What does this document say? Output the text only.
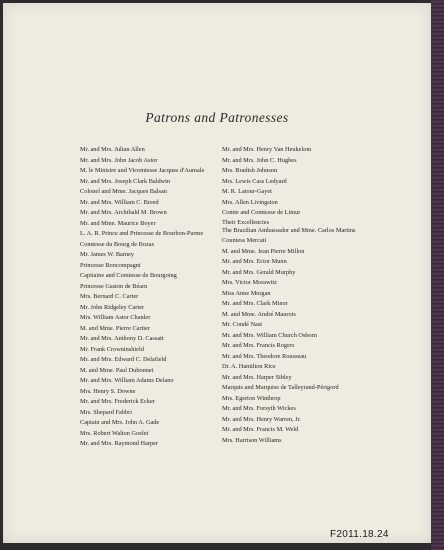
Patrons and Patronesses
Mr. and Mrs. Julian Allen
Mr. and Mrs. John Jacob Astor
M. le Ministre and Vicomtesse Jacques d'Aumale
Mr. and Mrs. Joseph Clark Baldwin
Colonel and Mme. Jacques Balsan
Mr. and Mrs. William C. Breed
Mr. and Mrs. Archibald M. Brown
Mr. and Mme. Maurice Boyer
L. A. R. Prince and Princesse de Bourbon-Parme
Comtesse du Bourg de Bozas
Mr. James W. Barney
Princesse Boncompagni
Capitaine and Comtesse de Bourgoing
Princesse Gaston de Béarn
Mrs. Bernard C. Carter
Mr. John Ridgeley Carter
Mrs. William Astor Chanler
M. and Mme. Pierre Cartier
Mr. and Mrs. Anthony D. Cassatt
Mr. Frank Crowninshield
Mr. and Mrs. Edward C. Delafield
M. and Mme. Paul Dubonnet
Mr. and Mrs. William Adams Delano
Mrs. Henry S. Downe
Mr. and Mrs. Frederick Ecker
Mrs. Shepard Fabbri
Captain and Mrs. John A. Gade
Mrs. Robert Walton Goelet
Mr. and Mrs. Raymond Harper
Mr. and Mrs. Henry Van Heukelom
Mr. and Mrs. John C. Hughes
Mrs. Bradish Johnson
Mrs. Lewis Cass Ledyard
M. R. Latour-Gayet
Mrs. Allen Livingston
Comte and Comtesse de Limur
Their Excellencies
The Brazilian Ambassador and Mme. Carlos Martins
Countess Mercati
M. and Mme. Jean Pierre Millon
Mr. and Mrs. Ector Munn
Mr. and Mrs. Gerald Murphy
Mrs. Victor Morawitz
Miss Anne Morgan
Mr. and Mrs. Clark Minor
M. and Mme. André Maurois
Mr. Condé Nast
Mr. and Mrs. William Church Osborn
Mr. and Mrs. Francis Rogers
Mr. and Mrs. Theodore Rousseau
Dr. A. Hamilton Rice
Mr. and Mrs. Harper Sibley
Marquis and Marquise de Talleyrand-Périgord
Mrs. Egerton Winthrop
Mr. and Mrs. Forsyth Wickes
Mr. and Mrs. Henry Warren, Jr.
Mr. and Mrs. Francis M. Weld
Mrs. Harrison Williams
F2011.18.24
